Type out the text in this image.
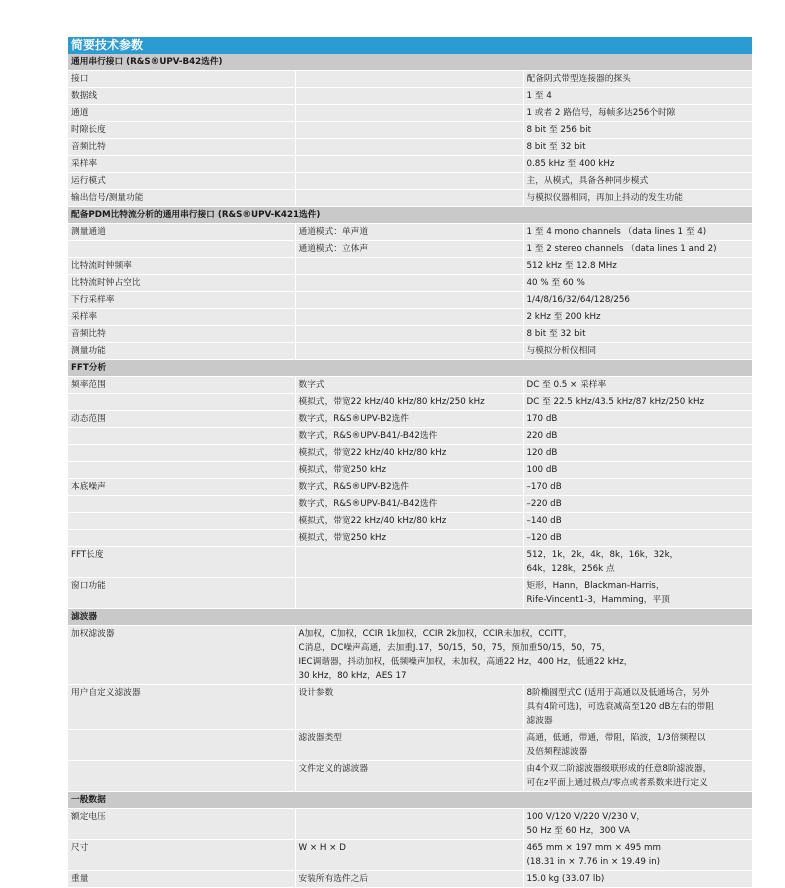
简要技术参数
通用串行接口 (R&S®UPV-B42选件)		
接口		配备阴式带型连接器的探头
数据线		1 至 4
通道		1 或者 2 路信号，每帧多达256个时隙
时隙长度		8 bit 至 256 bit
音频比特		8 bit 至 32 bit
采样率		0.85 kHz 至 400 kHz
运行模式		主，从模式，具备各种同步模式
输出信号/测量功能		与模拟仪器相同，再加上抖动的发生功能
配备PDM比特流分析的通用串行接口 (R&S®UPV-K421选件)		
测量通道	通道模式：单声道	1 至 4 mono channels （data lines 1 至 4)
	通道模式：立体声	1 至 2 stereo channels （data lines 1 and 2)
比特流时钟频率		512 kHz 至 12.8 MHz
比特流时钟占空比		40 % 至 60 %
下行采样率		1/4/8/16/32/64/128/256
采样率		2 kHz 至 200 kHz
音频比特		8 bit 至 32 bit
测量功能		与模拟分析仪相同
FFT分析		
频率范围	数字式	DC 至 0.5 × 采样率
	模拟式，带宽22 kHz/40 kHz/80 kHz/250 kHz	DC 至 22.5 kHz/43.5 kHz/87 kHz/250 kHz
动态范围	数字式，R&S®UPV-B2选件	170 dB
	数字式，R&S®UPV-B41/-B42选件	220 dB
	模拟式，带宽22 kHz/40 kHz/80 kHz	120 dB
	模拟式，带宽250 kHz	100 dB
本底噪声	数字式，R&S®UPV-B2选件	–170 dB
	数字式，R&S®UPV-B41/-B42选件	–220 dB
	模拟式，带宽22 kHz/40 kHz/80 kHz	–140 dB
	模拟式，带宽250 kHz	–120 dB
FFT长度		512，1k，2k，4k，8k，16k，32k，
64k，128k，256k 点
窗口功能		矩形，Hann，Blackman-Harris，
Rife-Vincent1-3，Hamming，平顶
滤波器		
加权滤波器	A加权，C加权，CCIR 1k加权，CCIR 2k加权，CCIR未加权，CCITT，
C消息，DC噪声高通，去加重J.17，50/15，50，75，预加重50/15，50，75，
IEC调谐器，抖动加权，低频噪声加权，未加权，高通22 Hz，400 Hz，低通22 kHz，
30 kHz，80 kHz，AES 17	
用户自定义滤波器	设计参数	8阶椭圆型式C (适用于高通以及低通场合，另外
具有4阶可选)，可选衰减高至120 dB左右的带阻
滤波器
	滤波器类型	高通，低通，带通，带阻，陷波，1/3倍频程以
及倍频程滤波器
	文件定义的滤波器	由4个双二阶滤波器级联形成的任意8阶滤波器，
可在z平面上通过极点/零点或者系数来进行定义
一般数据		
额定电压		100 V/120 V/220 V/230 V，
50 Hz 至 60 Hz，300 VA
尺寸	W × H × D	465 mm × 197 mm × 495 mm
(18.31 in × 7.76 in × 19.49 in)
重量	安装所有选件之后	15.0 kg (33.07 lb)
